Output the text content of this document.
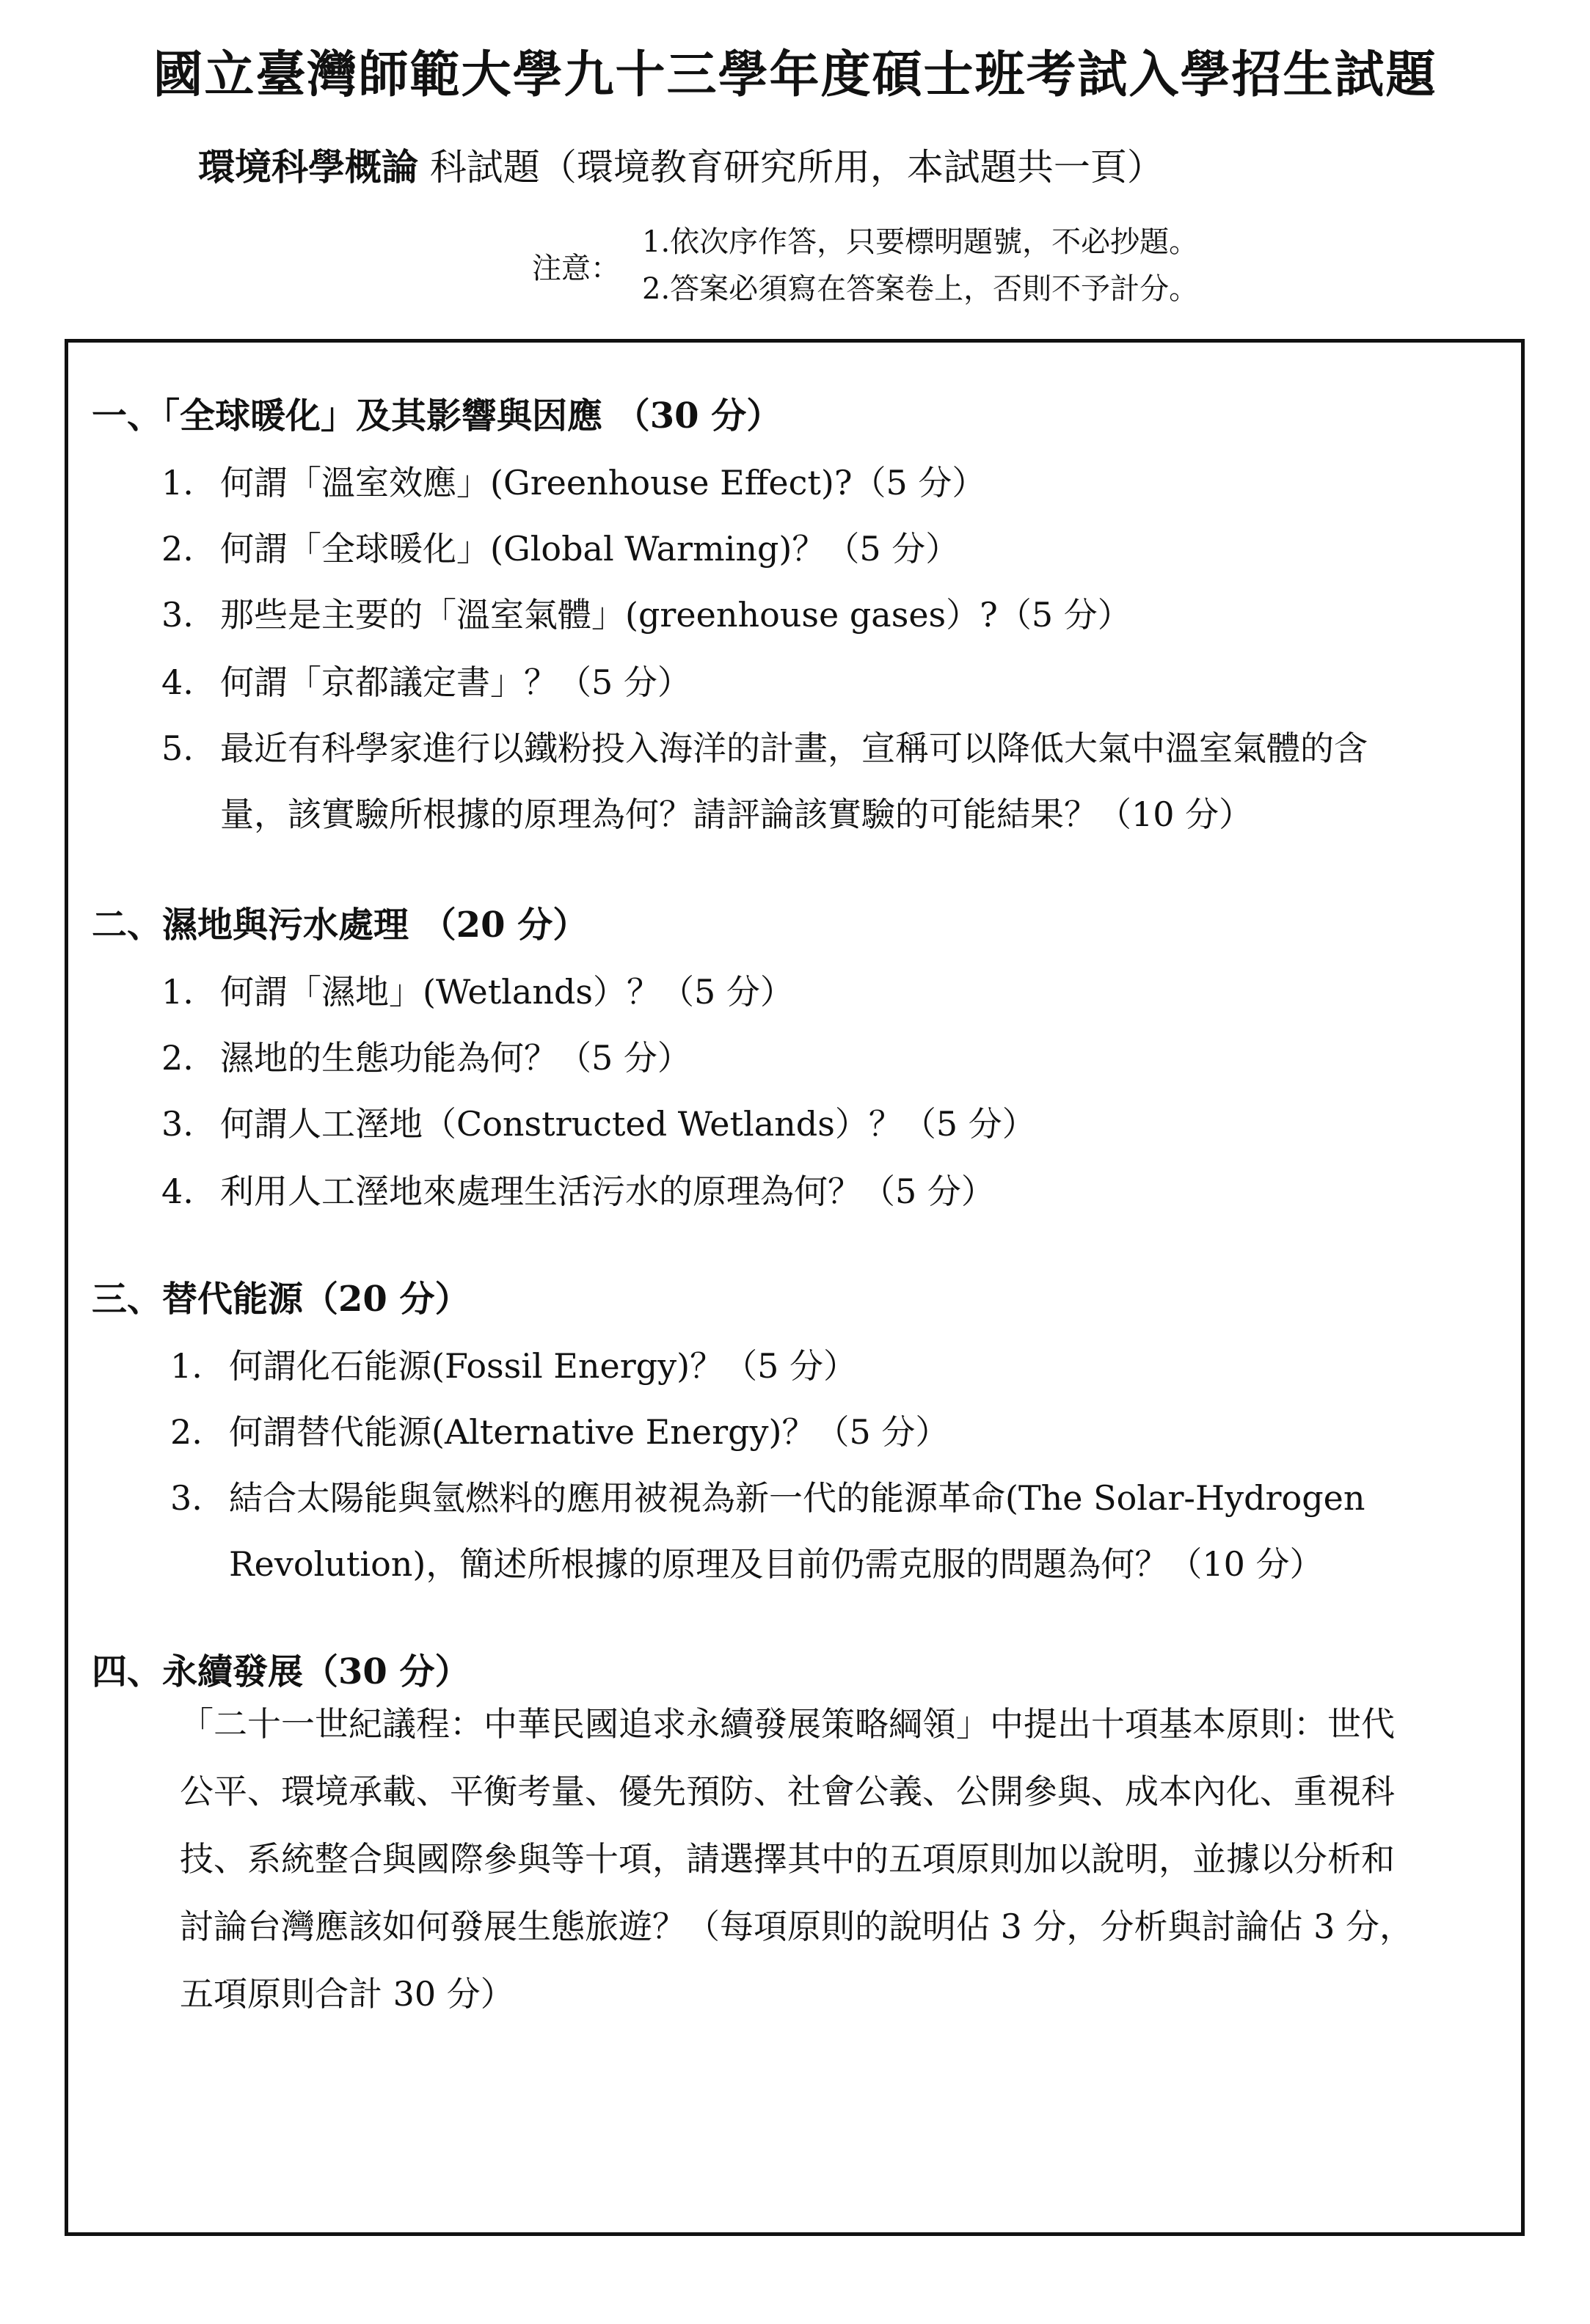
國立臺灣師範大學九十三學年度碩士班考試入學招生試題
環境科學概論 科試題（環境教育研究所用，本試題共一頁）
注意：
1.依次序作答，只要標明題號，不必抄題。
2.答案必須寫在答案卷上，否則不予計分。
一、「全球暖化」及其影響與因應 （30 分）
1. 何謂「溫室效應」(Greenhouse Effect)?（5 分）
2. 何謂「全球暖化」(Global Warming)？（5 分）
3. 那些是主要的「溫室氣體」(greenhouse gases）?（5 分）
4. 何謂「京都議定書」？（5 分）
5. 最近有科學家進行以鐵粉投入海洋的計畫，宣稱可以降低大氣中溫室氣體的含
量，該實驗所根據的原理為何？請評論該實驗的可能結果？（10 分）
二、濕地與污水處理 （20 分）
1. 何謂「濕地」(Wetlands）？（5 分）
2. 濕地的生態功能為何？（5 分）
3. 何謂人工溼地（Constructed Wetlands）？（5 分）
4. 利用人工溼地來處理生活污水的原理為何？（5 分）
三、替代能源（20 分）
1. 何謂化石能源(Fossil Energy)？（5 分）
2. 何謂替代能源(Alternative Energy)？（5 分）
3. 結合太陽能與氫燃料的應用被視為新一代的能源革命(The Solar-Hydrogen
Revolution)，簡述所根據的原理及目前仍需克服的問題為何？（10 分）
四、永續發展（30 分）
「二十一世紀議程：中華民國追求永續發展策略綱領」中提出十項基本原則：世代
公平、環境承載、平衡考量、優先預防、社會公義、公開參與、成本內化、重視科
技、系統整合與國際參與等十項，請選擇其中的五項原則加以說明，並據以分析和
討論台灣應該如何發展生態旅遊？（每項原則的說明佔 3 分，分析與討論佔 3 分，
五項原則合計 30 分）
